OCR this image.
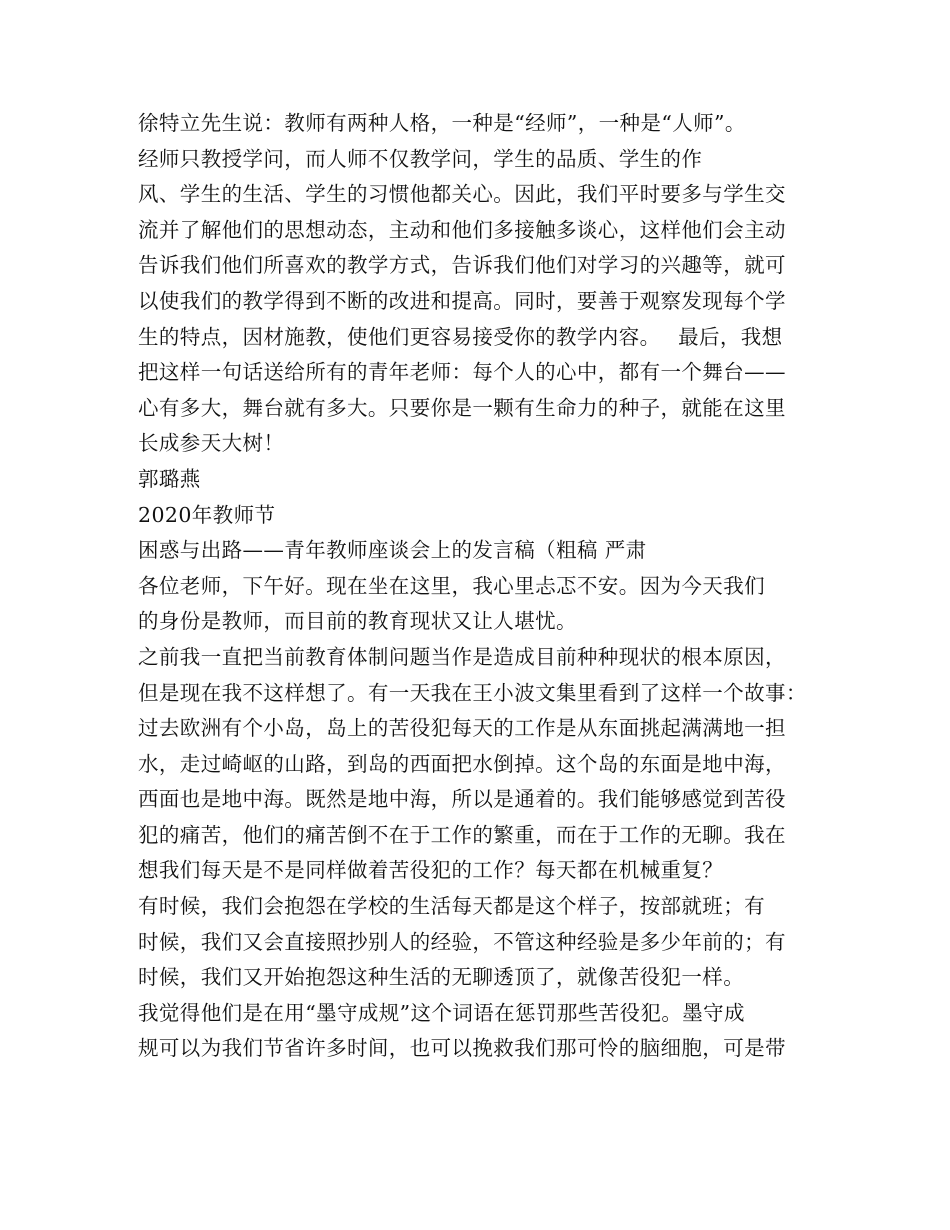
徐特立先生说：教师有两种人格，一种是“经师”，一种是“人师”。
经师只教授学问，而人师不仅教学问，学生的品质、学生的作
风、学生的生活、学生的习惯他都关心。因此，我们平时要多与学生交
流并了解他们的思想动态，主动和他们多接触多谈心，这样他们会主动
告诉我们他们所喜欢的教学方式，告诉我们他们对学习的兴趣等，就可
以使我们的教学得到不断的改进和提高。同时，要善于观察发现每个学
生的特点，因材施教，使他们更容易接受你的教学内容。　 最后，我想
把这样一句话送给所有的青年老师：每个人的心中，都有一个舞台——
心有多大，舞台就有多大。只要你是一颗有生命力的种子，就能在这里
长成参天大树！
郭璐燕
2020年教师节
困惑与出路——青年教师座谈会上的发言稿（粗稿 严肃
各位老师，下午好。现在坐在这里，我心里忐忑不安。因为今天我们
的身份是教师，而目前的教育现状又让人堪忧。
之前我一直把当前教育体制问题当作是造成目前种种现状的根本原因，
但是现在我不这样想了。有一天我在王小波文集里看到了这样一个故事：
过去欧洲有个小岛，岛上的苦役犯每天的工作是从东面挑起满满地一担
水，走过崎岖的山路，到岛的西面把水倒掉。这个岛的东面是地中海，
西面也是地中海。既然是地中海，所以是通着的。我们能够感觉到苦役
犯的痛苦，他们的痛苦倒不在于工作的繁重，而在于工作的无聊。我在
想我们每天是不是同样做着苦役犯的工作？每天都在机械重复？
有时候，我们会抱怨在学校的生活每天都是这个样子，按部就班；有
时候，我们又会直接照抄别人的经验，不管这种经验是多少年前的；有
时候，我们又开始抱怨这种生活的无聊透顶了，就像苦役犯一样。
我觉得他们是在用“墨守成规”这个词语在惩罚那些苦役犯。墨守成
规可以为我们节省许多时间，也可以挽救我们那可怜的脑细胞，可是带
